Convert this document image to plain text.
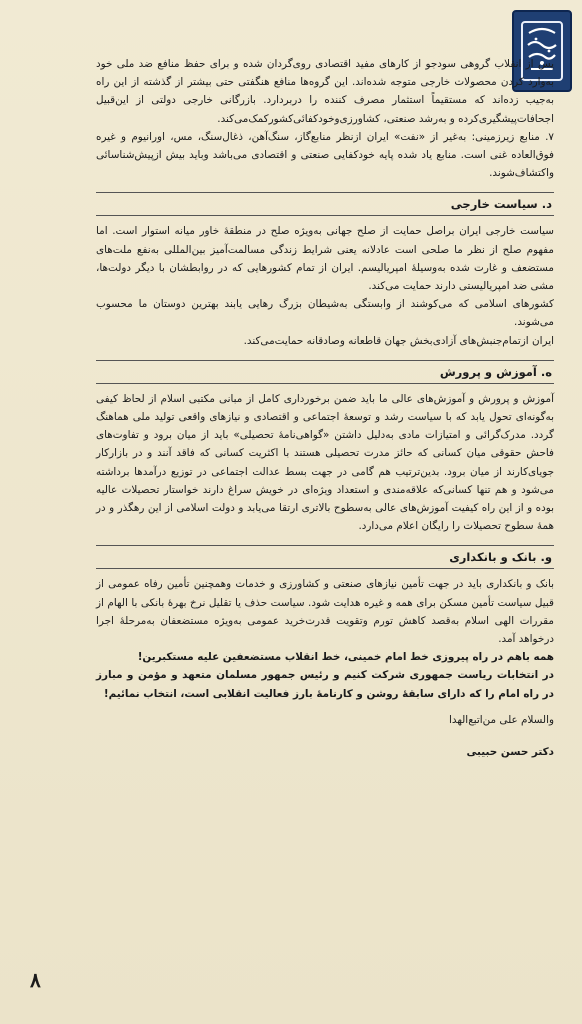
پس از انقلاب گروهی سودجو از کارهای مفید اقتصادی روی‌گردان شده و برای حفظ منافع ضد ملی خود به‌وارد کردن محصولات خارجی متوجه شده‌اند. این گروه‌ها منافع هنگفتی حتی بیشتر از گذشته از این راه به‌جیب زده‌اند که مستقیماً استثمار مصرف کننده را دربردارد. بازرگانی خارجی دولتی از این‌قبیل اجحافات‌پیشگیری‌کرده و به‌رشد صنعتی، کشاورزی‌و‌خودکفائی‌کشورکمک‌می‌کند.

۷. منابع زیرزمینی: به‌غیر از «نفت» ایران ازنظر منابع‌گاز، سنگ‌آهن، ذغال‌سنگ، مس، اورانیوم و غیره فوق‌العاده غنی است. منابع یاد شده پایه خودکفایی صنعتی و اقتصادی می‌باشد وباید بیش ازپیش‌شناسائی واکتشاف‌شوند.

د. سیاست خارجی

سیاست خارجی ایران براصل حمایت از صلح جهانی به‌ویژه صلح در منطقهٔ خاور میانه استوار است. اما مفهوم صلح از نظر ما صلحی است عادلانه یعنی شرایط زندگی مسالمت‌آمیز بین‌المللی به‌نفع ملت‌های مستضعف و غارت شده به‌وسیلهٔ امپریالیسم. ایران از تمام کشورهایی که در روابطشان با دیگر دولت‌ها، مشی ضد امپریالیستی دارند حمایت می‌کند.

کشورهای اسلامی که می‌کوشند از وابستگی به‌شیطان بزرگ رهایی یابند بهترین دوستان ما محسوب می‌شوند.

ایران ازتمام‌جنبش‌های آزادی‌بخش جهان قاطعانه وصادقانه حمایت‌می‌کند.

ه. آموزش و پرورش

آموزش و پرورش و آموزش‌های عالی ما باید ضمن برخورداری کامل از مبانی مکتبی اسلام از لحاظ کیفی به‌گونه‌ای تحول یابد که با سیاست رشد و توسعهٔ اجتماعی و اقتصادی و نیازهای واقعی تولید ملی هماهنگ گردد. مدرک‌گرائی و امتیازات مادی به‌دلیل داشتن «گواهی‌نامهٔ تحصیلی» باید از میان برود و تفاوت‌های فاحش حقوقی میان کسانی که حائز مدرت تحصیلی هستند با اکثریت کسانی که فاقد آنند و در بازارکار جویای‌کارند از میان برود. بدین‌ترتیب هم گامی در جهت بسط عدالت اجتماعی در توزیع درآمدها برداشته می‌شود و هم تنها کسانی‌که علاقه‌مندی و استعداد ویژه‌ای در خویش سراغ دارند خواستار تحصیلات عالیه بوده و از این راه کیفیت آموزش‌های عالی به‌سطوح بالاتری ارتقا می‌یابد و دولت اسلامی از این رهگذر و در همهٔ سطوح تحصیلات را رایگان اعلام می‌دارد.

و. بانک و بانکداری

بانک و بانکداری باید در جهت تأمین نیازهای صنعتی و کشاورزی و خدمات وهمچنین تأمین رفاه عمومی از قبیل سیاست تأمین مسکن برای همه و غیره هدایت شود. سیاست حذف یا تقلیل نرخ بهرهٔ بانکی با الهام از مقررات الهی اسلام به‌قصد کاهش تورم وتقویت قدرت‌خرید عمومی به‌ویژه مستضعفان به‌مرحلهٔ اجرا درخواهد آمد.

همه باهم در راه پیروزی خط امام خمینی، خط انقلاب مستضعفین علیه مستکبرین!

در انتخابات ریاست جمهوری شرکت کنیم و رئیس جمهور مسلمان متعهد و مؤمن و مبارز در راه امام را که دارای سابقهٔ روشن و کارنامهٔ بارز فعالیت انقلابی است، انتخاب نمائیم!

والسلام علی من‌اتبع‌الهدا

دکتر حسن حبیبی

۸
